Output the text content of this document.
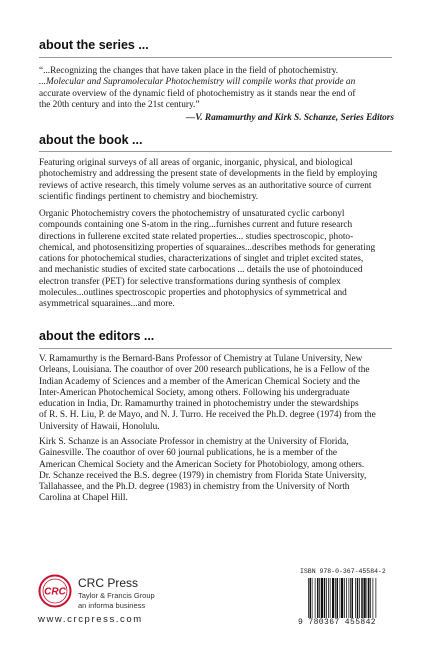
about the series ...
“...Recognizing the changes that have taken place in the field of photochemistry.
...Molecular and Supramolecular Photochemistry will compile works that provide an
accurate overview of the dynamic field of photochemistry as it stands near the end of
the 20th century and into the 21st century.”
—V. Ramamurthy and Kirk S. Schanze, Series Editors
about the book ...
Featuring original surveys of all areas of organic, inorganic, physical, and biological
photochemistry and addressing the present state of developments in the field by employing
reviews of active research, this timely volume serves as an authoritative source of current
scientific findings pertinent to chemistry and biochemistry.
Organic Photochemistry covers the photochemistry of unsaturated cyclic carbonyl
compounds containing one S-atom in the ring...furnishes current and future research
directions in fullerene excited state related properties... studies spectroscopic, photo-
chemical, and photosensitizing properties of squaraines...describes methods for generating
cations for photochemical studies, characterizations of singlet and triplet excited states,
and mechanistic studies of excited state carbocations ... details the use of photoinduced
electron transfer (PET) for selective transformations during synthesis of complex
molecules...outlines spectroscopic properties and photophysics of symmetrical and
asymmetrical squaraines...and more.
about the editors ...
V. Ramamurthy is the Bernard-Bans Professor of Chemistry at Tulane University, New
Orleans, Louisiana. The coauthor of over 200 research publications, he is a Fellow of the
Indian Academy of Sciences and a member of the American Chemical Society and the
Inter-American Photochemical Society, among others. Following his undergraduate
education in India, Dr. Ramamurthy trained in photochemistry under the stewardships
of R. S. H. Liu, P. de Mayo, and N. J. Turro. He received the Ph.D. degree (1974) from the
University of Hawaii, Honolulu.
Kirk S. Schanze is an Associate Professor in chemistry at the University of Florida,
Gainesville. The coauthor of over 60 journal publications, he is a member of the
American Chemical Society and the American Society for Photobiology, among others.
Dr. Schanze received the B.S. degree (1979) in chemistry from Florida State University,
Tallahassee, and the Ph.D. degree (1983) in chemistry from the University of North
Carolina at Chapel Hill.
CRC
CRC Press
Taylor & Francis Group
an informa business
www.crcpress.com
ISBN 978-0-367-45584-2
9 780367 455842
